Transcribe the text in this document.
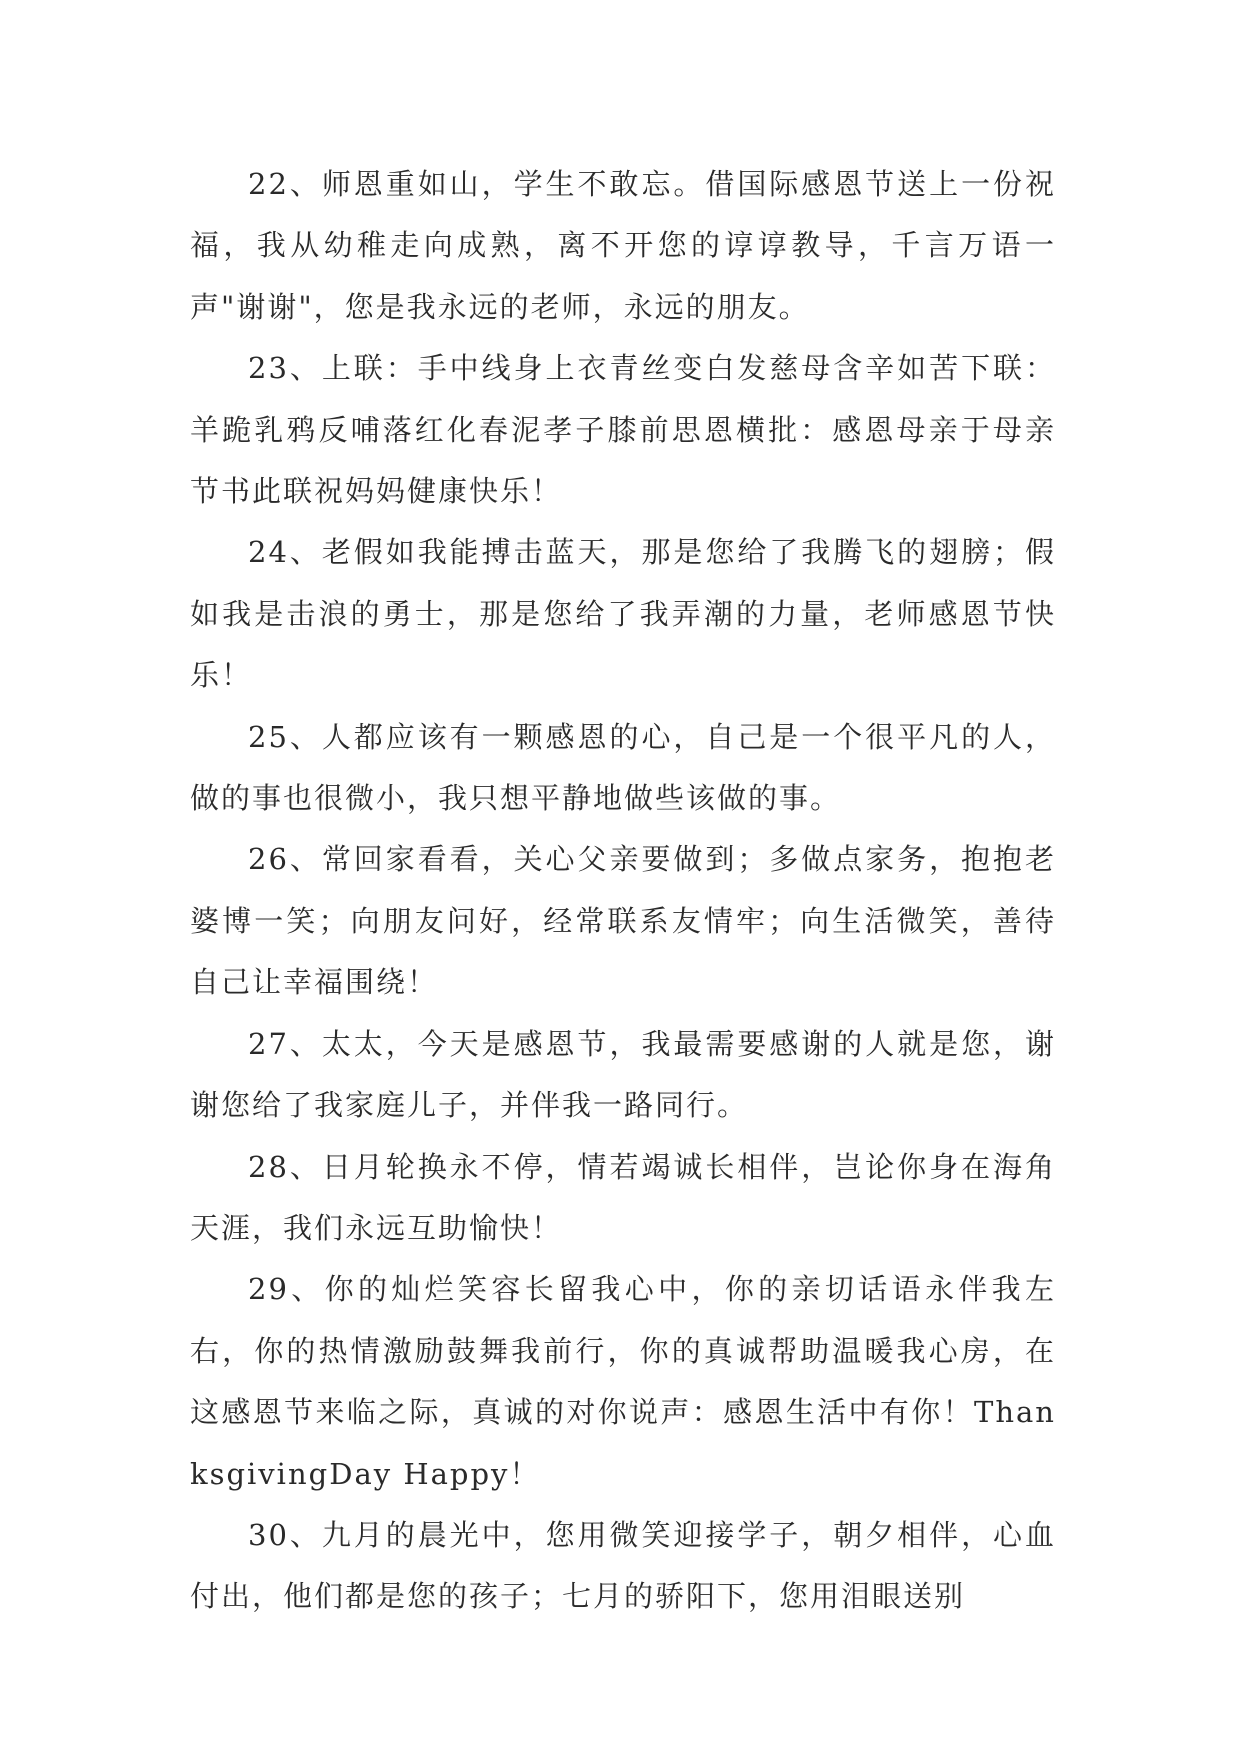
22、师恩重如山，学生不敢忘。借国际感恩节送上一份祝福，我从幼稚走向成熟，离不开您的谆谆教导，千言万语一声"谢谢"，您是我永远的老师，永远的朋友。

23、上联：手中线身上衣青丝变白发慈母含辛如苦下联：羊跪乳鸦反哺落红化春泥孝子膝前思恩横批：感恩母亲于母亲节书此联祝妈妈健康快乐！

24、老假如我能搏击蓝天，那是您给了我腾飞的翅膀；假如我是击浪的勇士，那是您给了我弄潮的力量，老师感恩节快乐！

25、人都应该有一颗感恩的心，自己是一个很平凡的人，做的事也很微小，我只想平静地做些该做的事。

26、常回家看看，关心父亲要做到；多做点家务，抱抱老婆博一笑；向朋友问好，经常联系友情牢；向生活微笑，善待自己让幸福围绕！

27、太太，今天是感恩节，我最需要感谢的人就是您，谢谢您给了我家庭儿子，并伴我一路同行。

28、日月轮换永不停，情若竭诚长相伴，岂论你身在海角天涯，我们永远互助愉快！

29、你的灿烂笑容长留我心中，你的亲切话语永伴我左右，你的热情激励鼓舞我前行，你的真诚帮助温暖我心房，在这感恩节来临之际，真诚的对你说声：感恩生活中有你！ThanksgivingDay Happy！

30、九月的晨光中，您用微笑迎接学子，朝夕相伴，心血付出，他们都是您的孩子；七月的骄阳下，您用泪眼送别
